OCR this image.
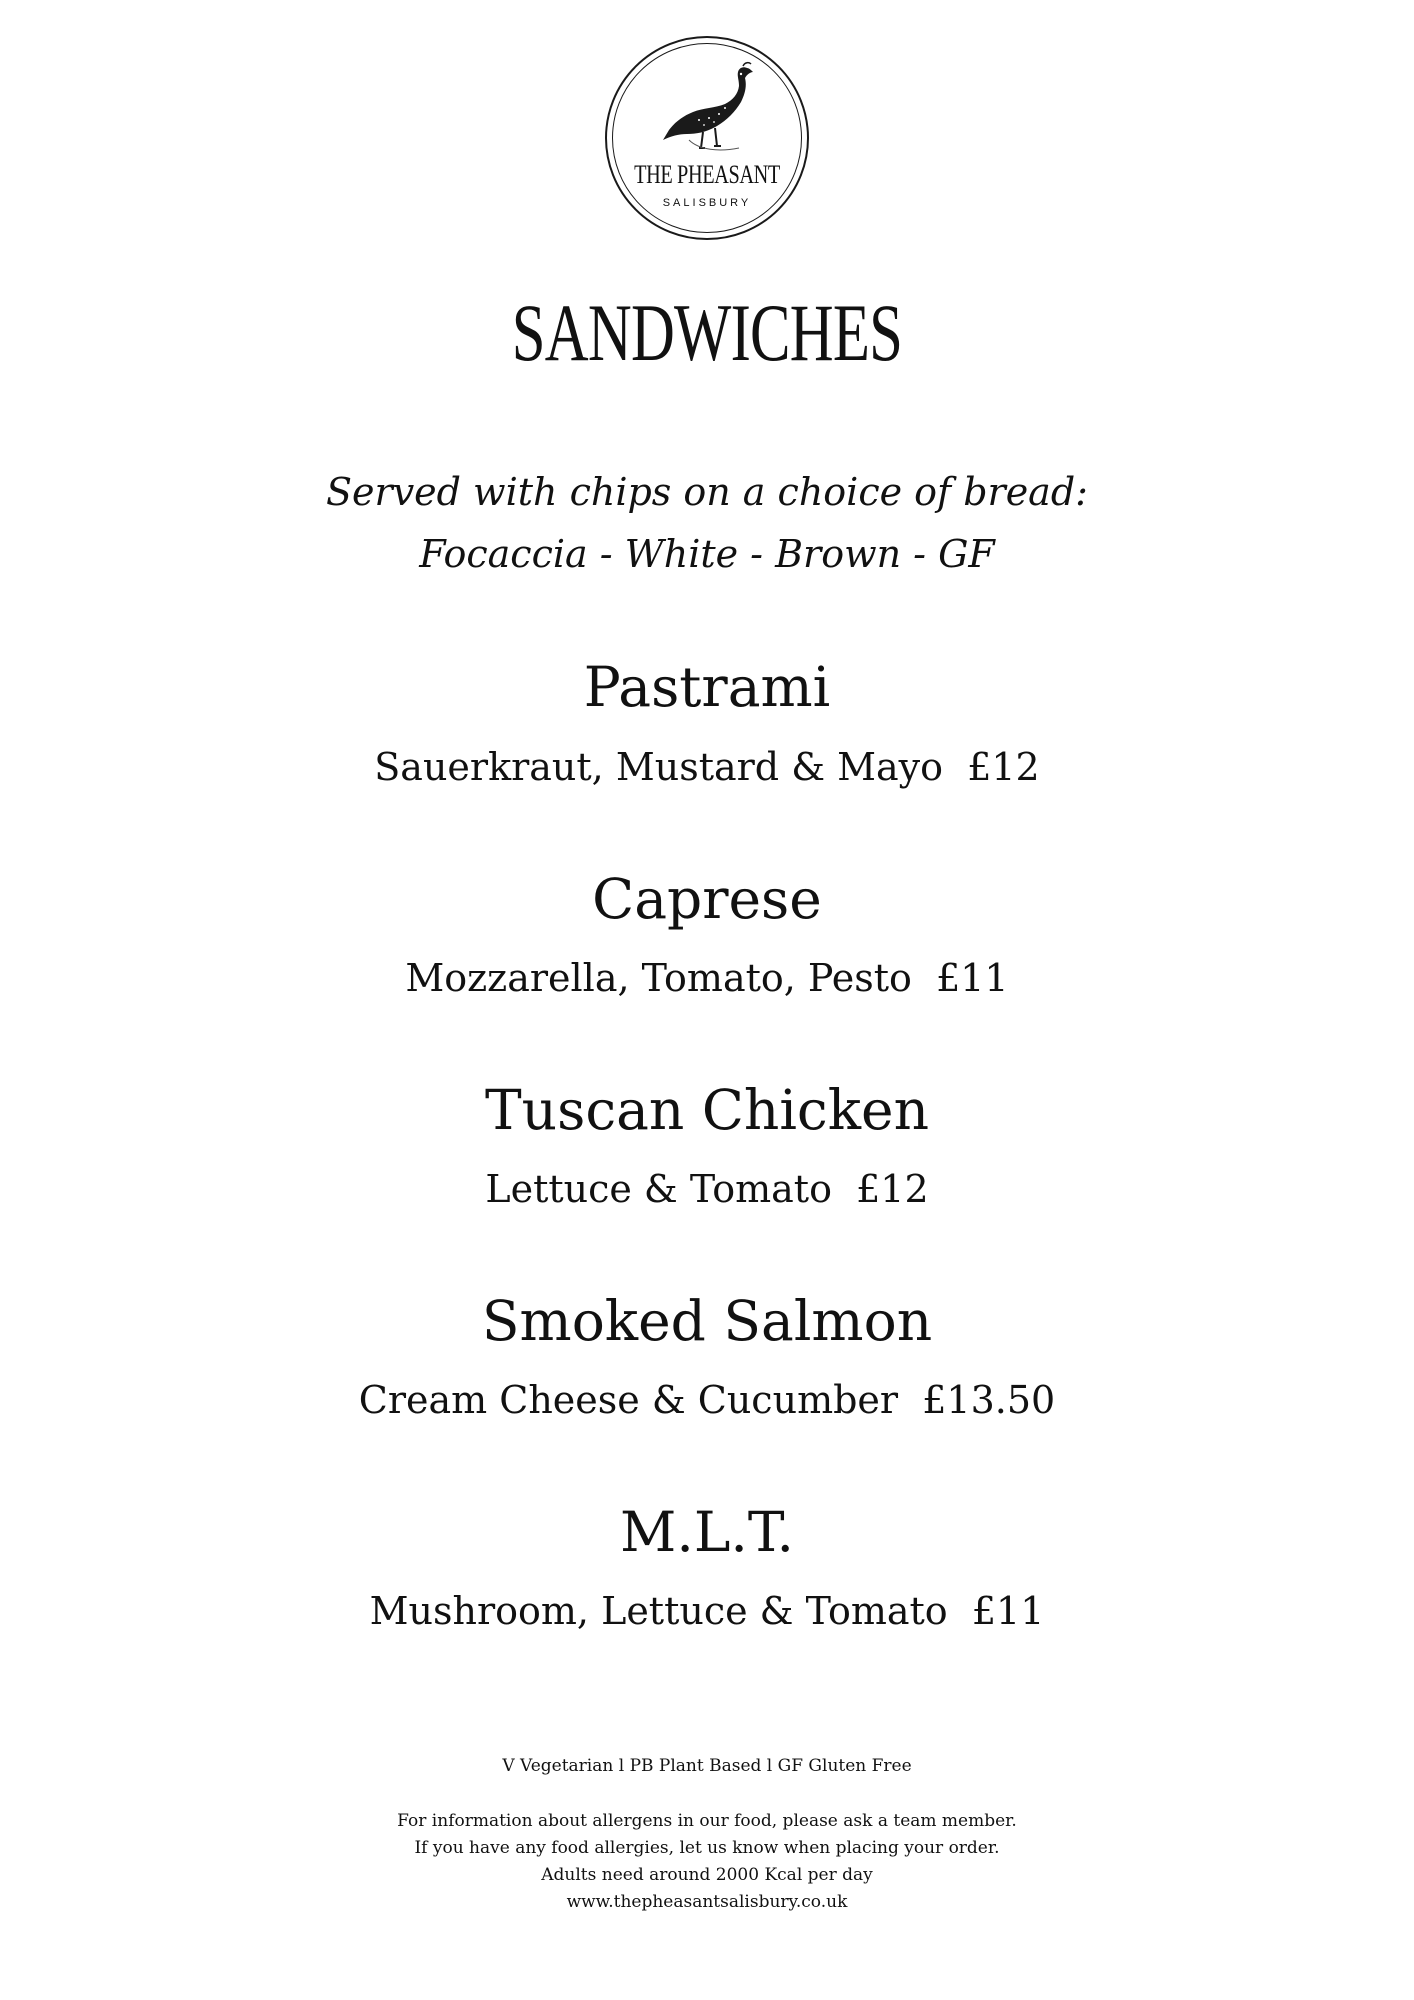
THE PHEASANT
SALISBURY
SANDWICHES
Served with chips on a choice of bread:
Focaccia - White - Brown - GF
Pastrami
Sauerkraut, Mustard & Mayo £12
Caprese
Mozzarella, Tomato, Pesto £11
Tuscan Chicken
Lettuce & Tomato £12
Smoked Salmon
Cream Cheese & Cucumber £13.50
M.L.T.
Mushroom, Lettuce & Tomato £11
V Vegetarian l PB Plant Based l GF Gluten Free
For information about allergens in our food, please ask a team member.
If you have any food allergies, let us know when placing your order.
Adults need around 2000 Kcal per day
www.thepheasantsalisbury.co.uk
